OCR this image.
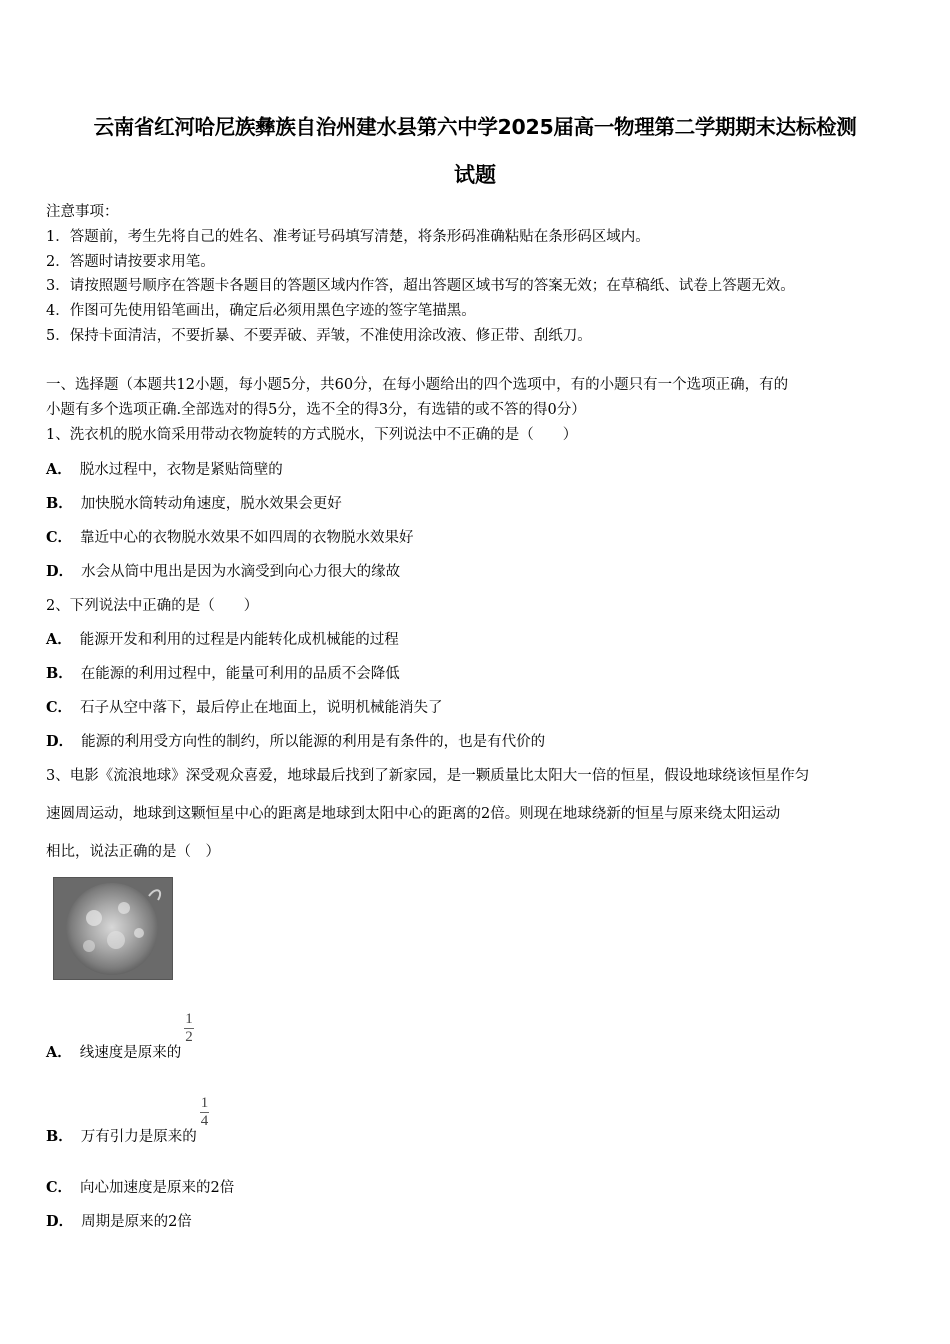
云南省红河哈尼族彝族自治州建水县第六中学2025届高一物理第二学期期末达标检测
试题
注意事项：
1．答题前，考生先将自己的姓名、准考证号码填写清楚，将条形码准确粘贴在条形码区域内。
2．答题时请按要求用笔。
3．请按照题号顺序在答题卡各题目的答题区域内作答，超出答题区域书写的答案无效；在草稿纸、试卷上答题无效。
4．作图可先使用铅笔画出，确定后必须用黑色字迹的签字笔描黑。
5．保持卡面清洁，不要折暴、不要弄破、弄皱，不准使用涂改液、修正带、刮纸刀。
一、选择题（本题共12小题，每小题5分，共60分，在每小题给出的四个选项中，有的小题只有一个选项正确，有的
小题有多个选项正确.全部选对的得5分，选不全的得3分，有选错的或不答的得0分）
1、洗衣机的脱水筒采用带动衣物旋转的方式脱水，下列说法中不正确的是（　　）
A． 脱水过程中，衣物是紧贴筒壁的
B． 加快脱水筒转动角速度，脱水效果会更好
C． 靠近中心的衣物脱水效果不如四周的衣物脱水效果好
D． 水会从筒中甩出是因为水滴受到向心力很大的缘故
2、下列说法中正确的是（　　）
A． 能源开发和利用的过程是内能转化成机械能的过程
B． 在能源的利用过程中，能量可利用的品质不会降低
C． 石子从空中落下，最后停止在地面上，说明机械能消失了
D． 能源的利用受方向性的制约，所以能源的利用是有条件的，也是有代价的
3、电影《流浪地球》深受观众喜爱，地球最后找到了新家园，是一颗质量比太阳大一倍的恒星，假设地球绕该恒星作匀
速圆周运动，地球到这颗恒星中心的距离是地球到太阳中心的距离的2倍。则现在地球绕新的恒星与原来绕太阳运动
相比，说法正确的是（　）
A． 线速度是原来的
$\frac{1}{2}$
B． 万有引力是原来的
$\frac{1}{4}$
C． 向心加速度是原来的2倍
D． 周期是原来的2倍
